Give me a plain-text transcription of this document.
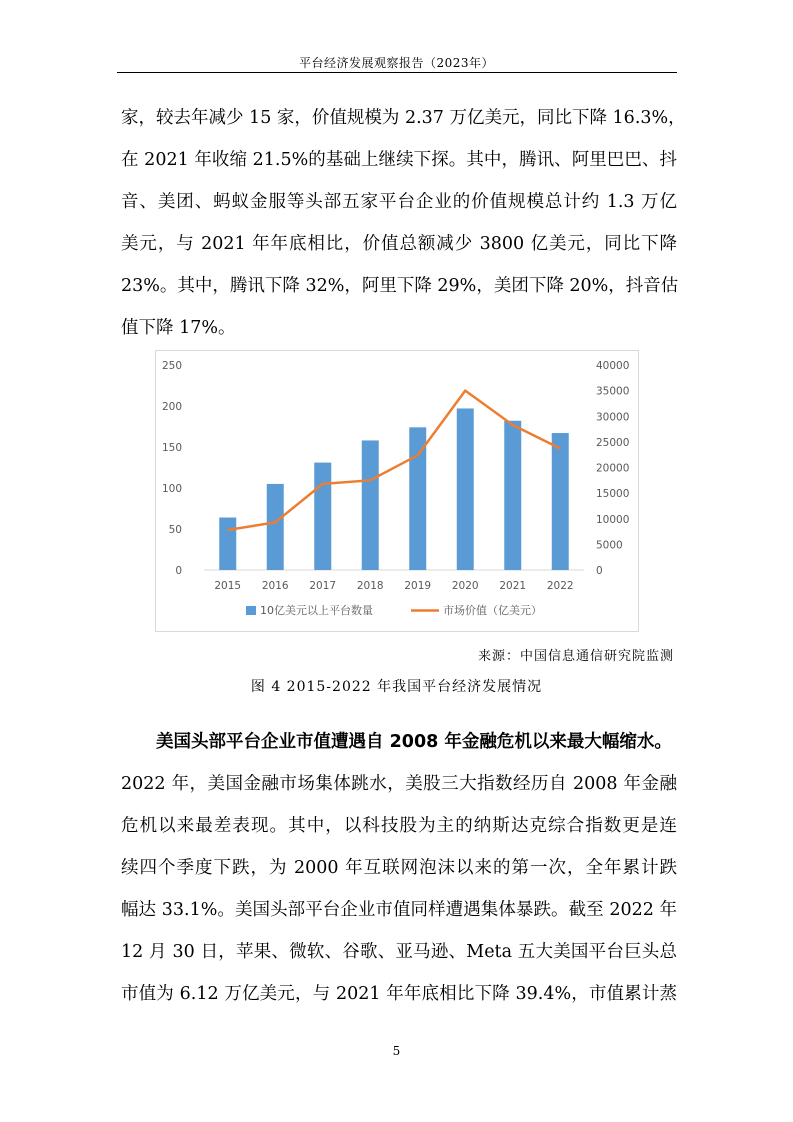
平台经济发展观察报告（2023年）
家，较去年减少 15 家，价值规模为 2.37 万亿美元，同比下降 16.3%，
在 2021 年收缩 21.5%的基础上继续下探。其中，腾讯、阿里巴巴、抖
音、美团、蚂蚁金服等头部五家平台企业的价值规模总计约 1.3 万亿
美元，与 2021 年年底相比，价值总额减少 3800 亿美元，同比下降
23%。其中，腾讯下降 32%，阿里下降 29%，美团下降 20%，抖音估
值下降 17%。
0
50
100
150
200
250
0
5000
10000
15000
20000
25000
30000
35000
40000
2015 2016 2017 2018 2019 2020 2021 2022
10亿美元以上平台数量	市场价值（亿美元）
来源：中国信息通信研究院监测
图 4 2015-2022 年我国平台经济发展情况
美国头部平台企业市值遭遇自 2008 年金融危机以来最大幅缩水。
2022 年，美国金融市场集体跳水，美股三大指数经历自 2008 年金融
危机以来最差表现。其中，以科技股为主的纳斯达克综合指数更是连
续四个季度下跌，为 2000 年互联网泡沫以来的第一次，全年累计跌
幅达 33.1%。美国头部平台企业市值同样遭遇集体暴跌。截至 2022 年
12 月 30 日，苹果、微软、谷歌、亚马逊、Meta 五大美国平台巨头总
市值为 6.12 万亿美元，与 2021 年年底相比下降 39.4%，市值累计蒸
5
